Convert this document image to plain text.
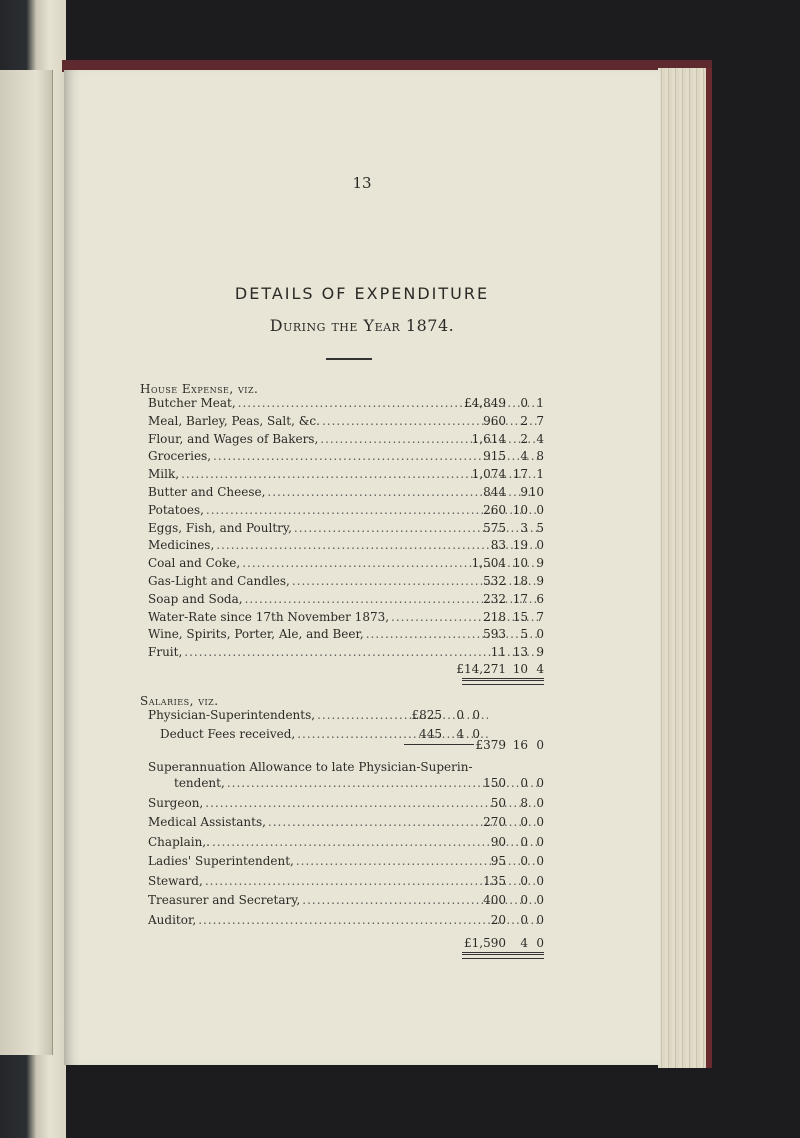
13
DETAILS OF EXPENDITURE
During the Year 1874.
House Expense, viz.
Butcher Meat, .....	£4,849	0 1
Meal, Barley, Peas, Salt, &c. .....	960	2 7
Flour, and Wages of Bakers, .....	1,614	2 4
Groceries, .....	915	4 8
Milk, .....	1,074 17 1
Butter and Cheese, .....	844	9 10
Potatoes, .....	260 10 0
Eggs, Fish, and Poultry, .....	575	3 5
Medicines, .....	83 19 0
Coal and Coke, .....	1,504 10 9
Gas-Light and Candles, .....	532 18 9
Soap and Soda, .....	232 17 6
Water-Rate since 17th November 1873, .....	218 15 7
Wine, Spirits, Porter, Ale, and Beer, .....	593	5 0
Fruit, .....	11 13 9
£14,271 10 4
Salaries, viz.
Physician-Superintendents, .....	£825	0 0
Deduct Fees received, .....	445	4 0
£379 16 0
Superannuation Allowance to late Physician-Superin-
tendent, .....	150	0 0
Surgeon, .....	50	8 0
Medical Assistants, .....	270	0 0
Chaplain,. .....	90	0 0
Ladies' Superintendent, .....	95	0 0
Steward, .....	135	0 0
Treasurer and Secretary, .....	400	0 0
Auditor, .....	20	0 0
£1,590	4 0
